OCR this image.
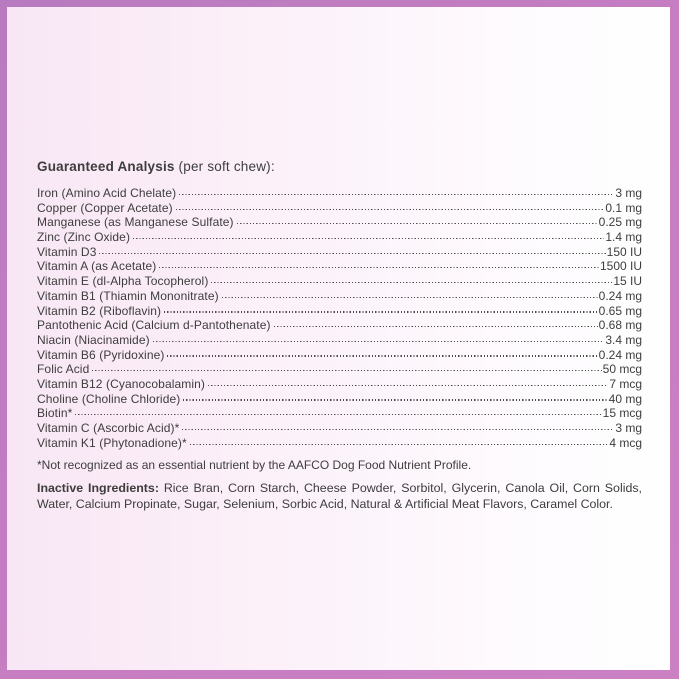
Guaranteed Analysis (per soft chew):

Iron (Amino Acid Chelate)	3 mg
Copper (Copper Acetate)	0.1 mg
Manganese (as Manganese Sulfate)	0.25 mg
Zinc (Zinc Oxide)	1.4 mg
Vitamin D3	150 IU
Vitamin A (as Acetate)	1500 IU
Vitamin E (dl-Alpha Tocopherol)	15 IU
Vitamin B1 (Thiamin Mononitrate)	0.24 mg
Vitamin B2 (Riboflavin)	0.65 mg
Pantothenic Acid (Calcium d-Pantothenate)	0.68 mg
Niacin (Niacinamide)	3.4 mg
Vitamin B6 (Pyridoxine)	0.24 mg
Folic Acid	50 mcg
Vitamin B12 (Cyanocobalamin)	7 mcg
Choline (Choline Chloride)	40 mg
Biotin*	15 mcg
Vitamin C (Ascorbic Acid)*	3 mg
Vitamin K1 (Phytonadione)*	4 mcg

*Not recognized as an essential nutrient by the AAFCO Dog Food Nutrient Profile.

Inactive Ingredients: Rice Bran, Corn Starch, Cheese Powder, Sorbitol, Glycerin, Canola Oil, Corn Solids, Water, Calcium Propinate, Sugar, Selenium, Sorbic Acid, Natural & Artificial Meat Flavors, Caramel Color.
